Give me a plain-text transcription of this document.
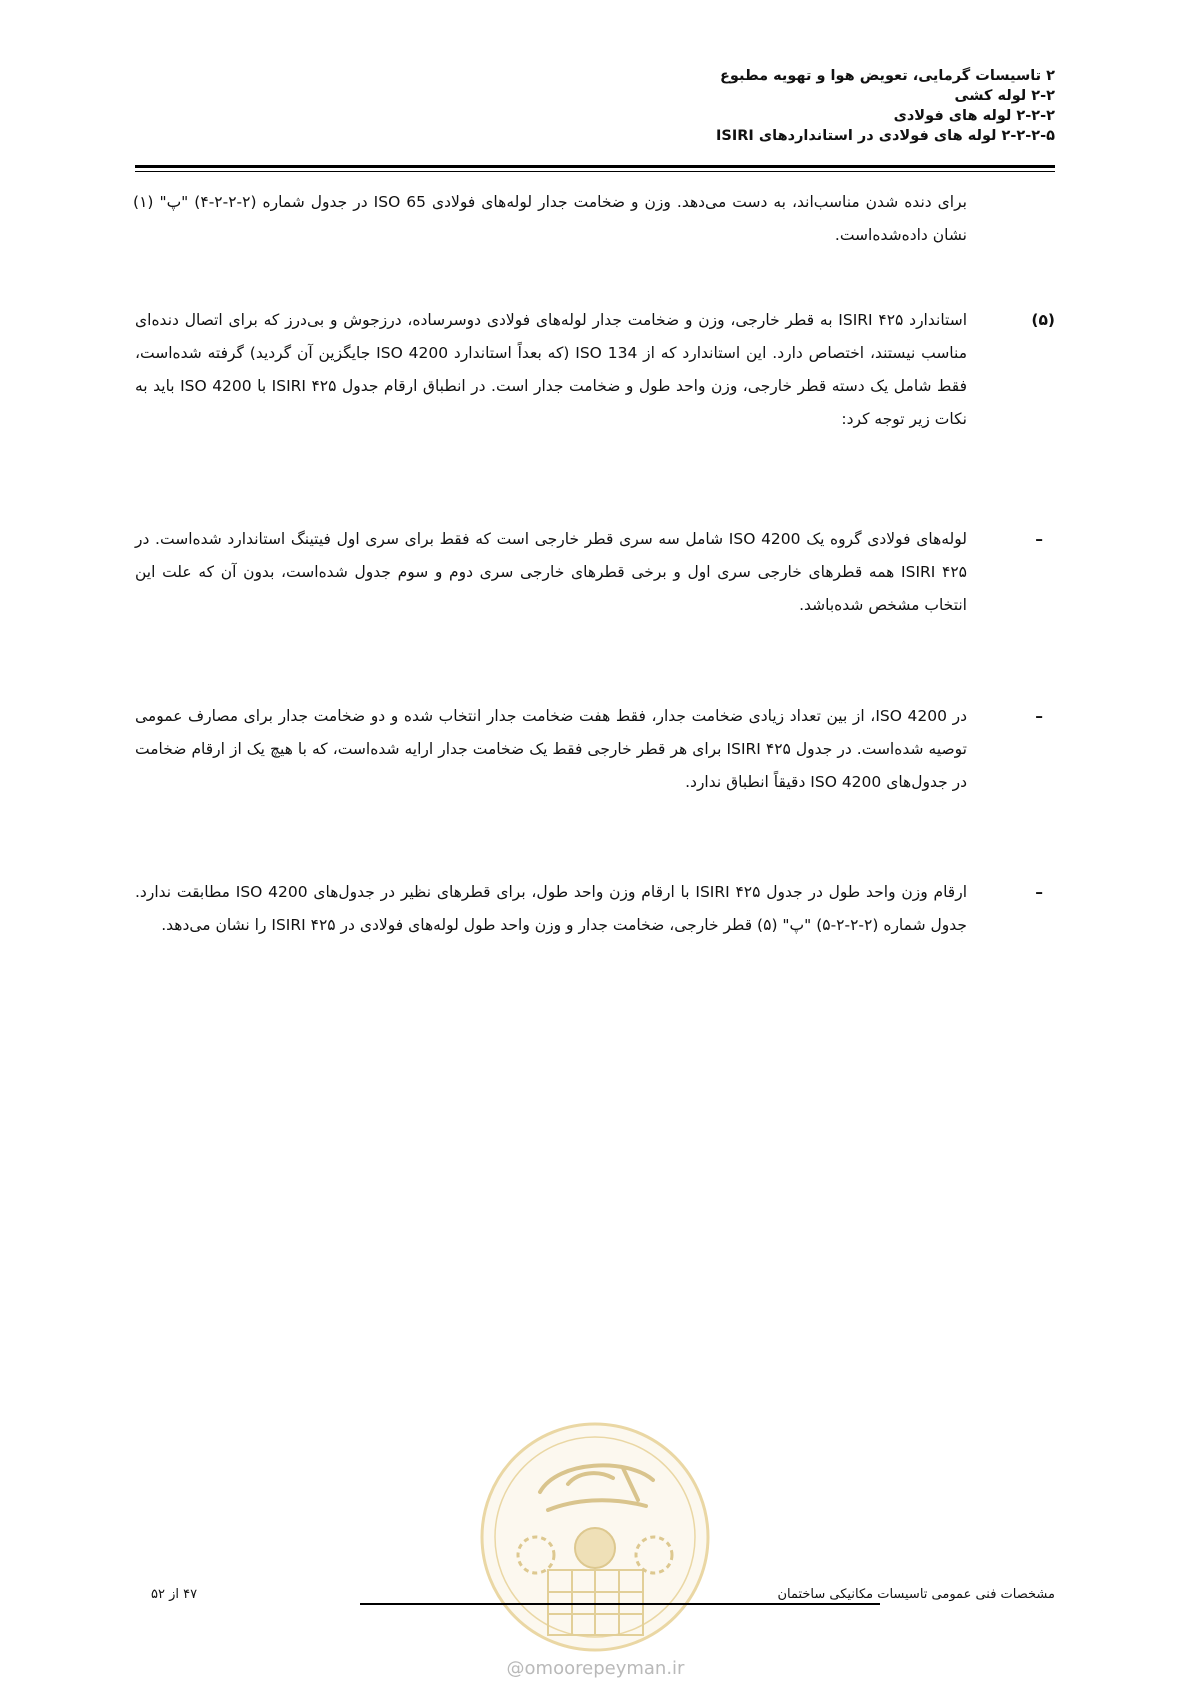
۲ تاسیسات گرمایی، تعویض هوا و تهویه مطبوع
۲-۲ لوله کشی
۲-۲-۲ لوله های فولادی
۲-۲-۲-۵ لوله های فولادی در استانداردهای ISIRI

برای دنده شدن مناسب‌اند، به دست می‌دهد. وزن و ضخامت جدار لوله‌های فولادی ISO 65 در جدول شماره (۲-۲-۲-۴) "پ" (۱) نشان داده‌شده‌است.

(۵)
استاندارد ISIRI ۴۲۵ به قطر خارجی، وزن و ضخامت جدار لوله‌های فولادی دوسرساده، درزجوش و بی‌درز که برای اتصال دنده‌ای مناسب نیستند، اختصاص دارد. این استاندارد که از ISO 134 (که بعداً استاندارد ISO 4200 جایگزین آن گردید) گرفته شده‌است، فقط شامل یک دسته قطر خارجی، وزن واحد طول و ضخامت جدار است. در انطباق ارقام جدول ISIRI ۴۲۵ با ISO 4200 باید به نکات زیر توجه کرد:
–
لوله‌های فولادی گروه یک ISO 4200 شامل سه سری قطر خارجی است که فقط برای سری اول فیتینگ استاندارد شده‌است. در ISIRI ۴۲۵ همه قطرهای خارجی سری اول و برخی قطرهای خارجی سری دوم و سوم جدول شده‌است، بدون آن که علت این انتخاب مشخص شده‌باشد.
–
در ISO 4200، از بین تعداد زیادی ضخامت جدار، فقط هفت ضخامت جدار انتخاب شده و دو ضخامت جدار برای مصارف عمومی توصیه شده‌است. در جدول ISIRI ۴۲۵ برای هر قطر خارجی فقط یک ضخامت جدار ارایه شده‌است، که با هیچ یک از ارقام ضخامت در جدول‌های ISO 4200 دقیقاً انطباق ندارد.
–
ارقام وزن واحد طول در جدول ISIRI ۴۲۵ با ارقام وزن واحد طول، برای قطرهای نظیر در جدول‌های ISO 4200 مطابقت ندارد. جدول شماره (۲-۲-۲-۵) "پ" (۵) قطر خارجی، ضخامت جدار و وزن واحد طول لوله‌های فولادی در ISIRI ۴۲۵ را نشان می‌دهد.
@omoorepeyman.ir
مشخصات فنی عمومی تاسیسات مکانیکی ساختمان
۴۷ از ۵۲
